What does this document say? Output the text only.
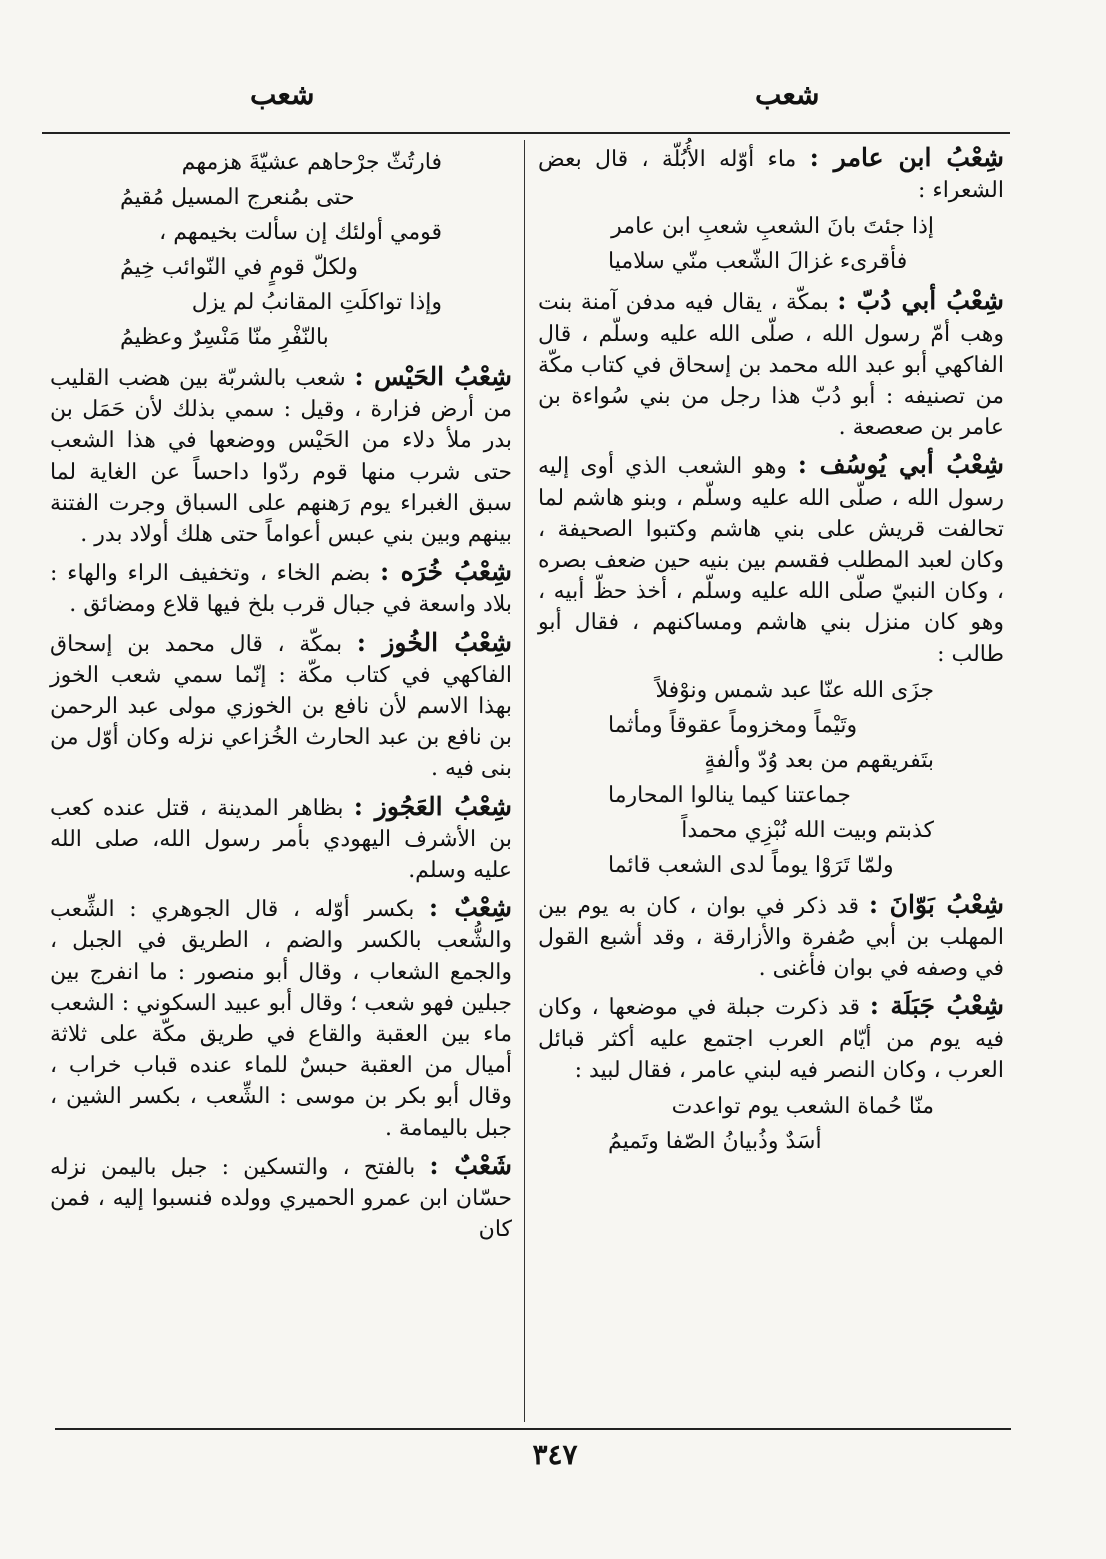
شعب
شعب
شِعْبُ ابن عامر : ماء أوّله الأُبُلّة ، قال بعض الشعراء :
إذا جئتَ بانَ الشعبِ شعبِ ابن عامر
فأقرىء غزالَ الشّعب منّي سلاميا
شِعْبُ أبي دُبّ : بمكّة ، يقال فيه مدفن آمنة بنت وهب أمّ رسول الله ، صلّى الله عليه وسلّم ، قال الفاكهي أبو عبد الله محمد بن إسحاق في كتاب مكّة من تصنيفه : أبو دُبّ هذا رجل من بني سُواءة بن عامر بن صعصعة .
شِعْبُ أبي يُوسُف : وهو الشعب الذي أوى إليه رسول الله ، صلّى الله عليه وسلّم ، وبنو هاشم لما تحالفت قريش على بني هاشم وكتبوا الصحيفة ، وكان لعبد المطلب فقسم بين بنيه حين ضعف بصره ، وكان النبيّ صلّى الله عليه وسلّم ، أخذ حظّ أبيه ، وهو كان منزل بني هاشم ومساكنهم ، فقال أبو طالب :
جزَى الله عنّا عبد شمس ونوْفلاً
وتَيْماً ومخزوماً عقوقاً ومأثما
بتَفريقهم من بعد وُدّ وألفةٍ
جماعتنا كيما ينالوا المحارما
كذبتم وبيت الله نُبْزِي محمداً
ولمّا تَرَوْا يوماً لدى الشعب قائما
شِعْبُ بَوّانَ : قد ذكر في بوان ، كان به يوم بين المهلب بن أبي صُفرة والأزارقة ، وقد أشبع القول في وصفه في بوان فأغنى .
شِعْبُ جَبَلَة : قد ذكرت جبلة في موضعها ، وكان فيه يوم من أيّام العرب اجتمع عليه أكثر قبائل العرب ، وكان النصر فيه لبني عامر ، فقال لبيد :
منّا حُماة الشعب يوم تواعدت
أسَدٌ وذُبيانُ الصّفا وتَميمُ
فارتُثّ جرْحاهم عشيّةَ هزمهم
حتى بمُنعرج المسيل مُقيمُ
قومي أولئك إن سألت بخيمهم ،
ولكلّ قومٍ في النّوائب خِيمُ
وإذا تواكلَتِ المقانبُ لم يزل
بالنّفْرِ منّا مَنْسِرٌ وعظيمُ
شِعْبُ الحَيْس : شعب بالشربّة بين هضب القليب من أرض فزارة ، وقيل : سمي بذلك لأن حَمَل بن بدر ملأ دلاء من الحَيْس ووضعها في هذا الشعب حتى شرب منها قوم ردّوا داحساً عن الغاية لما سبق الغبراء يوم رَهنهم على السباق وجرت الفتنة بينهم وبين بني عبس أعواماً حتى هلك أولاد بدر .
شِعْبُ خُرَه : بضم الخاء ، وتخفيف الراء والهاء : بلاد واسعة في جبال قرب بلخ فيها قلاع ومضائق .
شِعْبُ الخُوز : بمكّة ، قال محمد بن إسحاق الفاكهي في كتاب مكّة : إنّما سمي شعب الخوز بهذا الاسم لأن نافع بن الخوزي مولى عبد الرحمن بن نافع بن عبد الحارث الخُزاعي نزله وكان أوّل من بنى فيه .
شِعْبُ العَجُوز : بظاهر المدينة ، قتل عنده كعب بن الأشرف اليهودي بأمر رسول الله، صلى الله عليه وسلم.
شِعْبٌ : بكسر أوّله ، قال الجوهري : الشِّعب والشُّعب بالكسر والضم ، الطريق في الجبل ، والجمع الشعاب ، وقال أبو منصور : ما انفرج بين جبلين فهو شعب ؛ وقال أبو عبيد السكوني : الشعب ماء بين العقبة والقاع في طريق مكّة على ثلاثة أميال من العقبة حبسٌ للماء عنده قباب خراب ، وقال أبو بكر بن موسى : الشِّعب ، بكسر الشين ، جبل باليمامة .
شَعْبٌ : بالفتح ، والتسكين : جبل باليمن نزله حسّان ابن عمرو الحميري وولده فنسبوا إليه ، فمن كان
٣٤٧
